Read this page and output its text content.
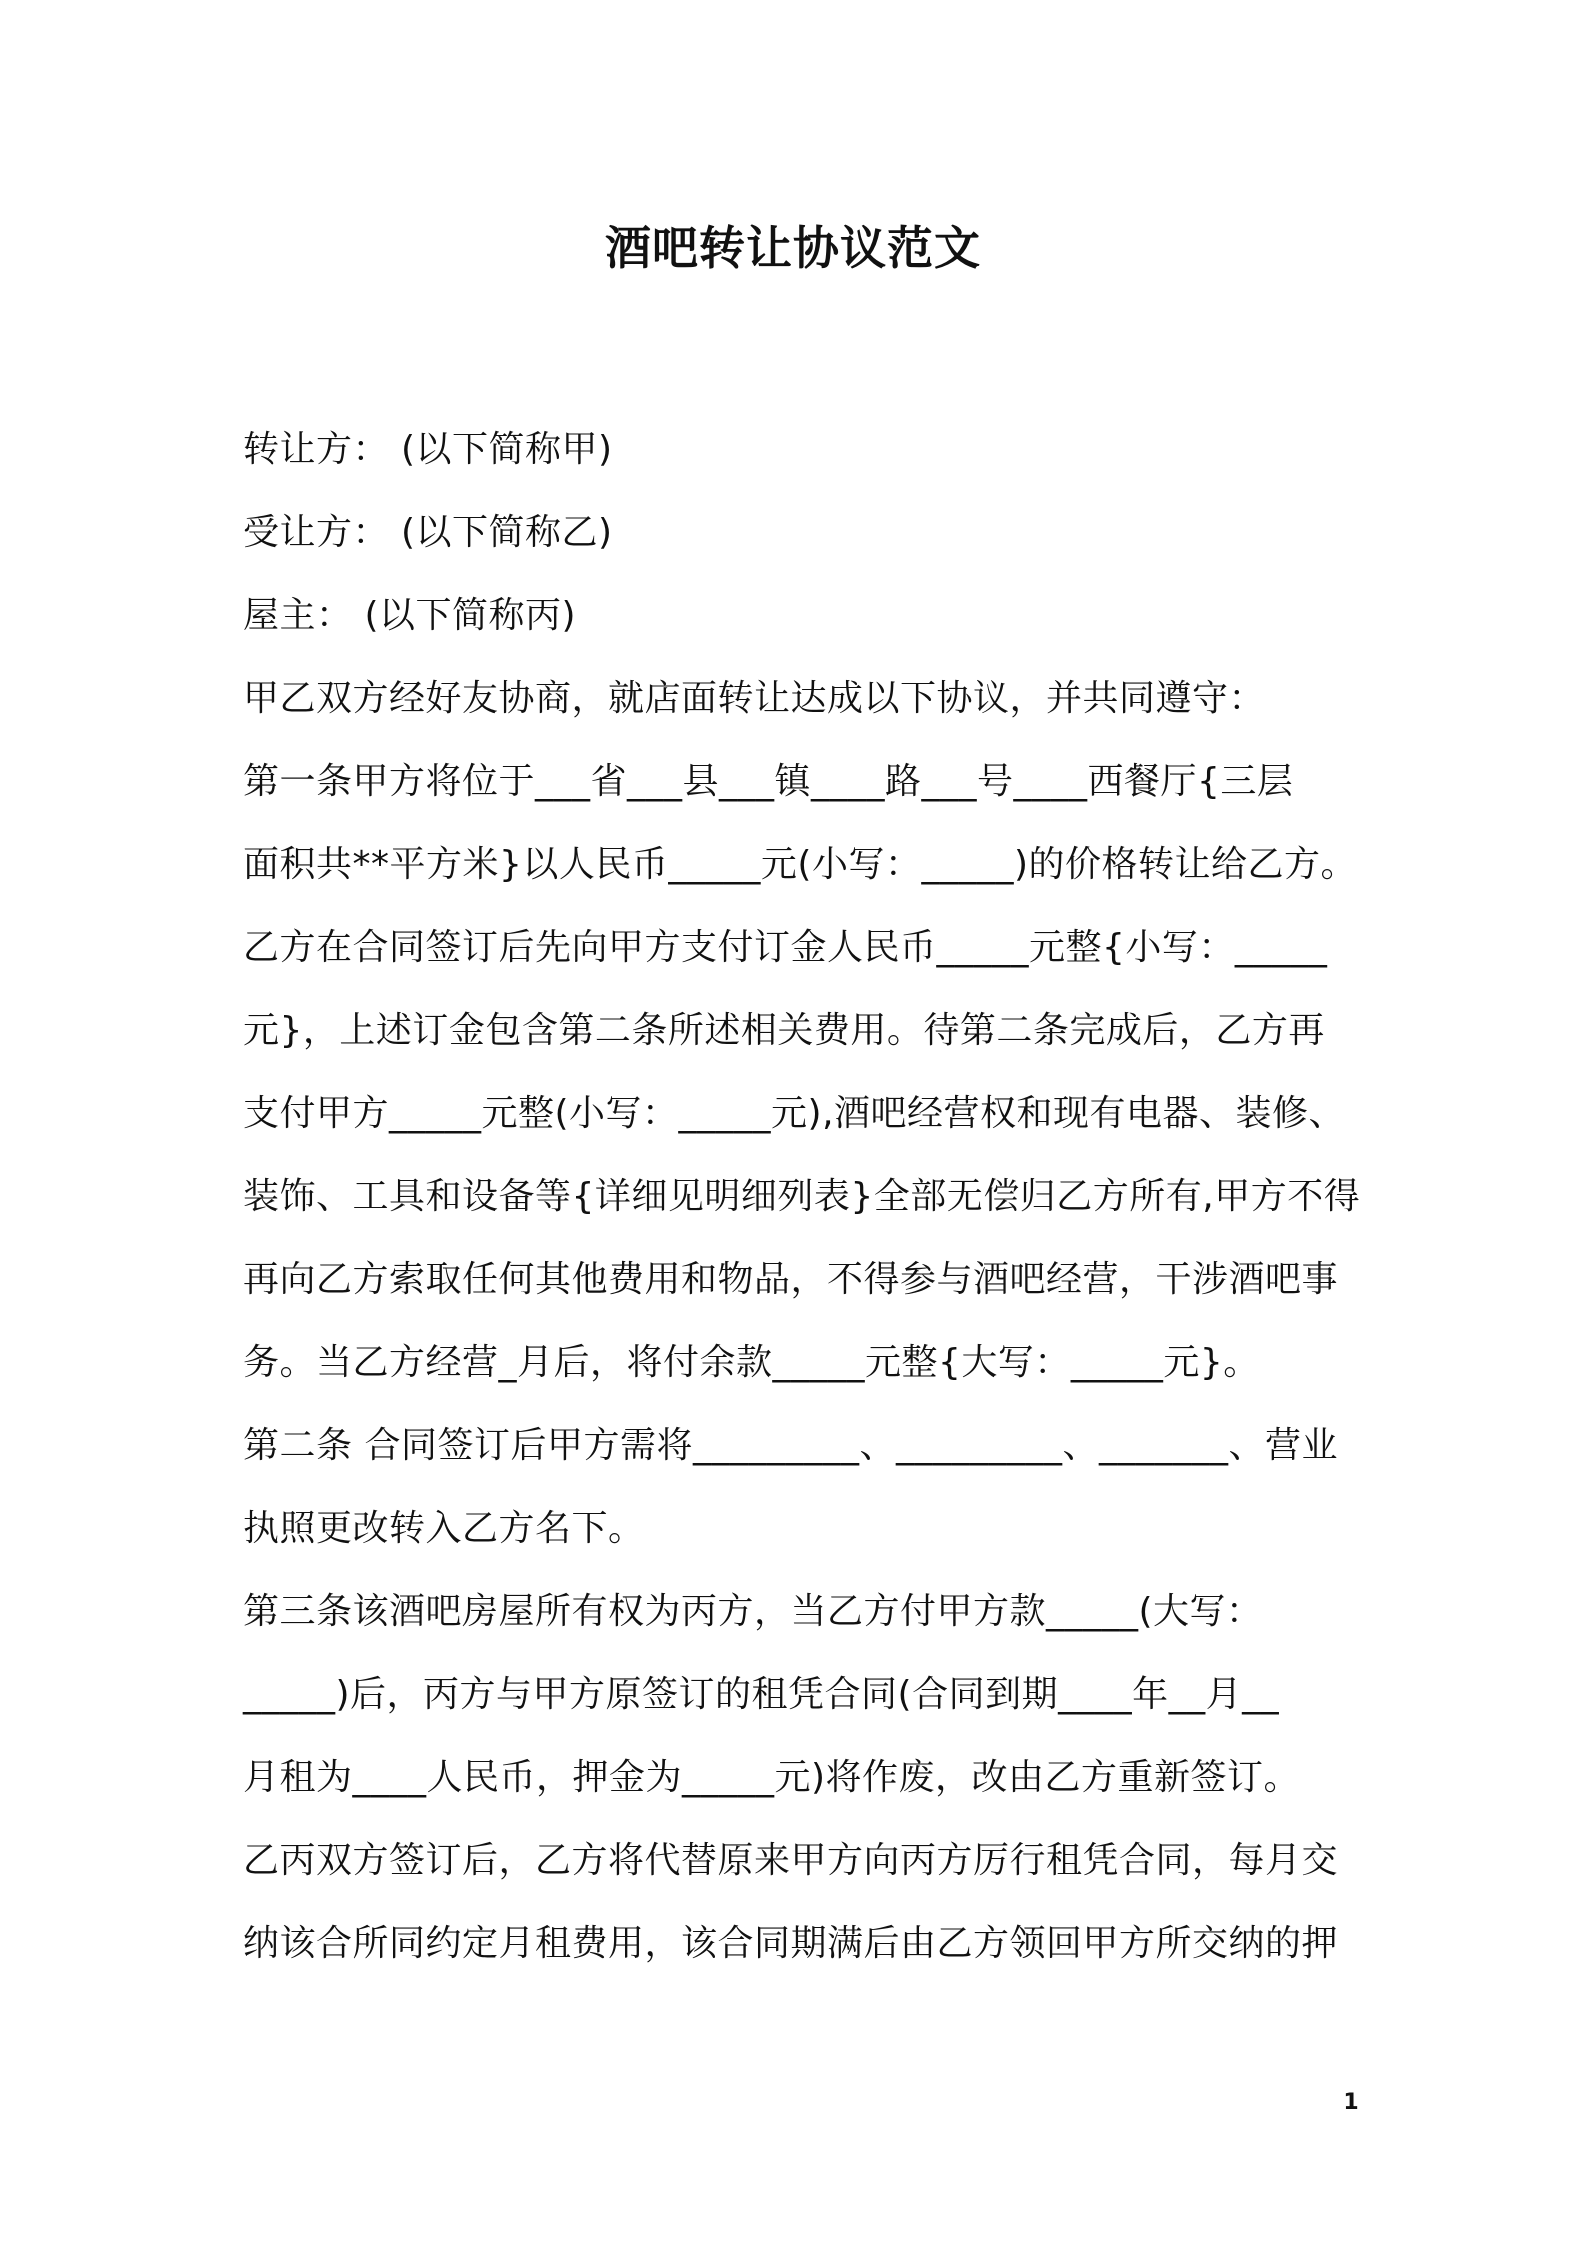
酒吧转让协议范文
转让方： (以下简称甲)
受让方： (以下简称乙)
屋主： (以下简称丙)
甲乙双方经好友协商，就店面转让达成以下协议，并共同遵守：
第一条甲方将位于___省___县___镇____路___号____西餐厅{三层
面积共**平方米}以人民币_____元(小写：_____)的价格转让给乙方。
乙方在合同签订后先向甲方支付订金人民币_____元整{小写：_____
元}，上述订金包含第二条所述相关费用。待第二条完成后，乙方再
支付甲方_____元整(小写：_____元),酒吧经营权和现有电器、装修、
装饰、工具和设备等{详细见明细列表}全部无偿归乙方所有,甲方不得
再向乙方索取任何其他费用和物品，不得参与酒吧经营，干涉酒吧事
务。当乙方经营_月后，将付余款_____元整{大写：_____元}。
第二条 合同签订后甲方需将_________、_________、_______、营业
执照更改转入乙方名下。
第三条该酒吧房屋所有权为丙方，当乙方付甲方款_____(大写：
_____)后，丙方与甲方原签订的租凭合同(合同到期____年__月__
月租为____人民币，押金为_____元)将作废，改由乙方重新签订。
乙丙双方签订后，乙方将代替原来甲方向丙方厉行租凭合同，每月交
纳该合所同约定月租费用，该合同期满后由乙方领回甲方所交纳的押
1
